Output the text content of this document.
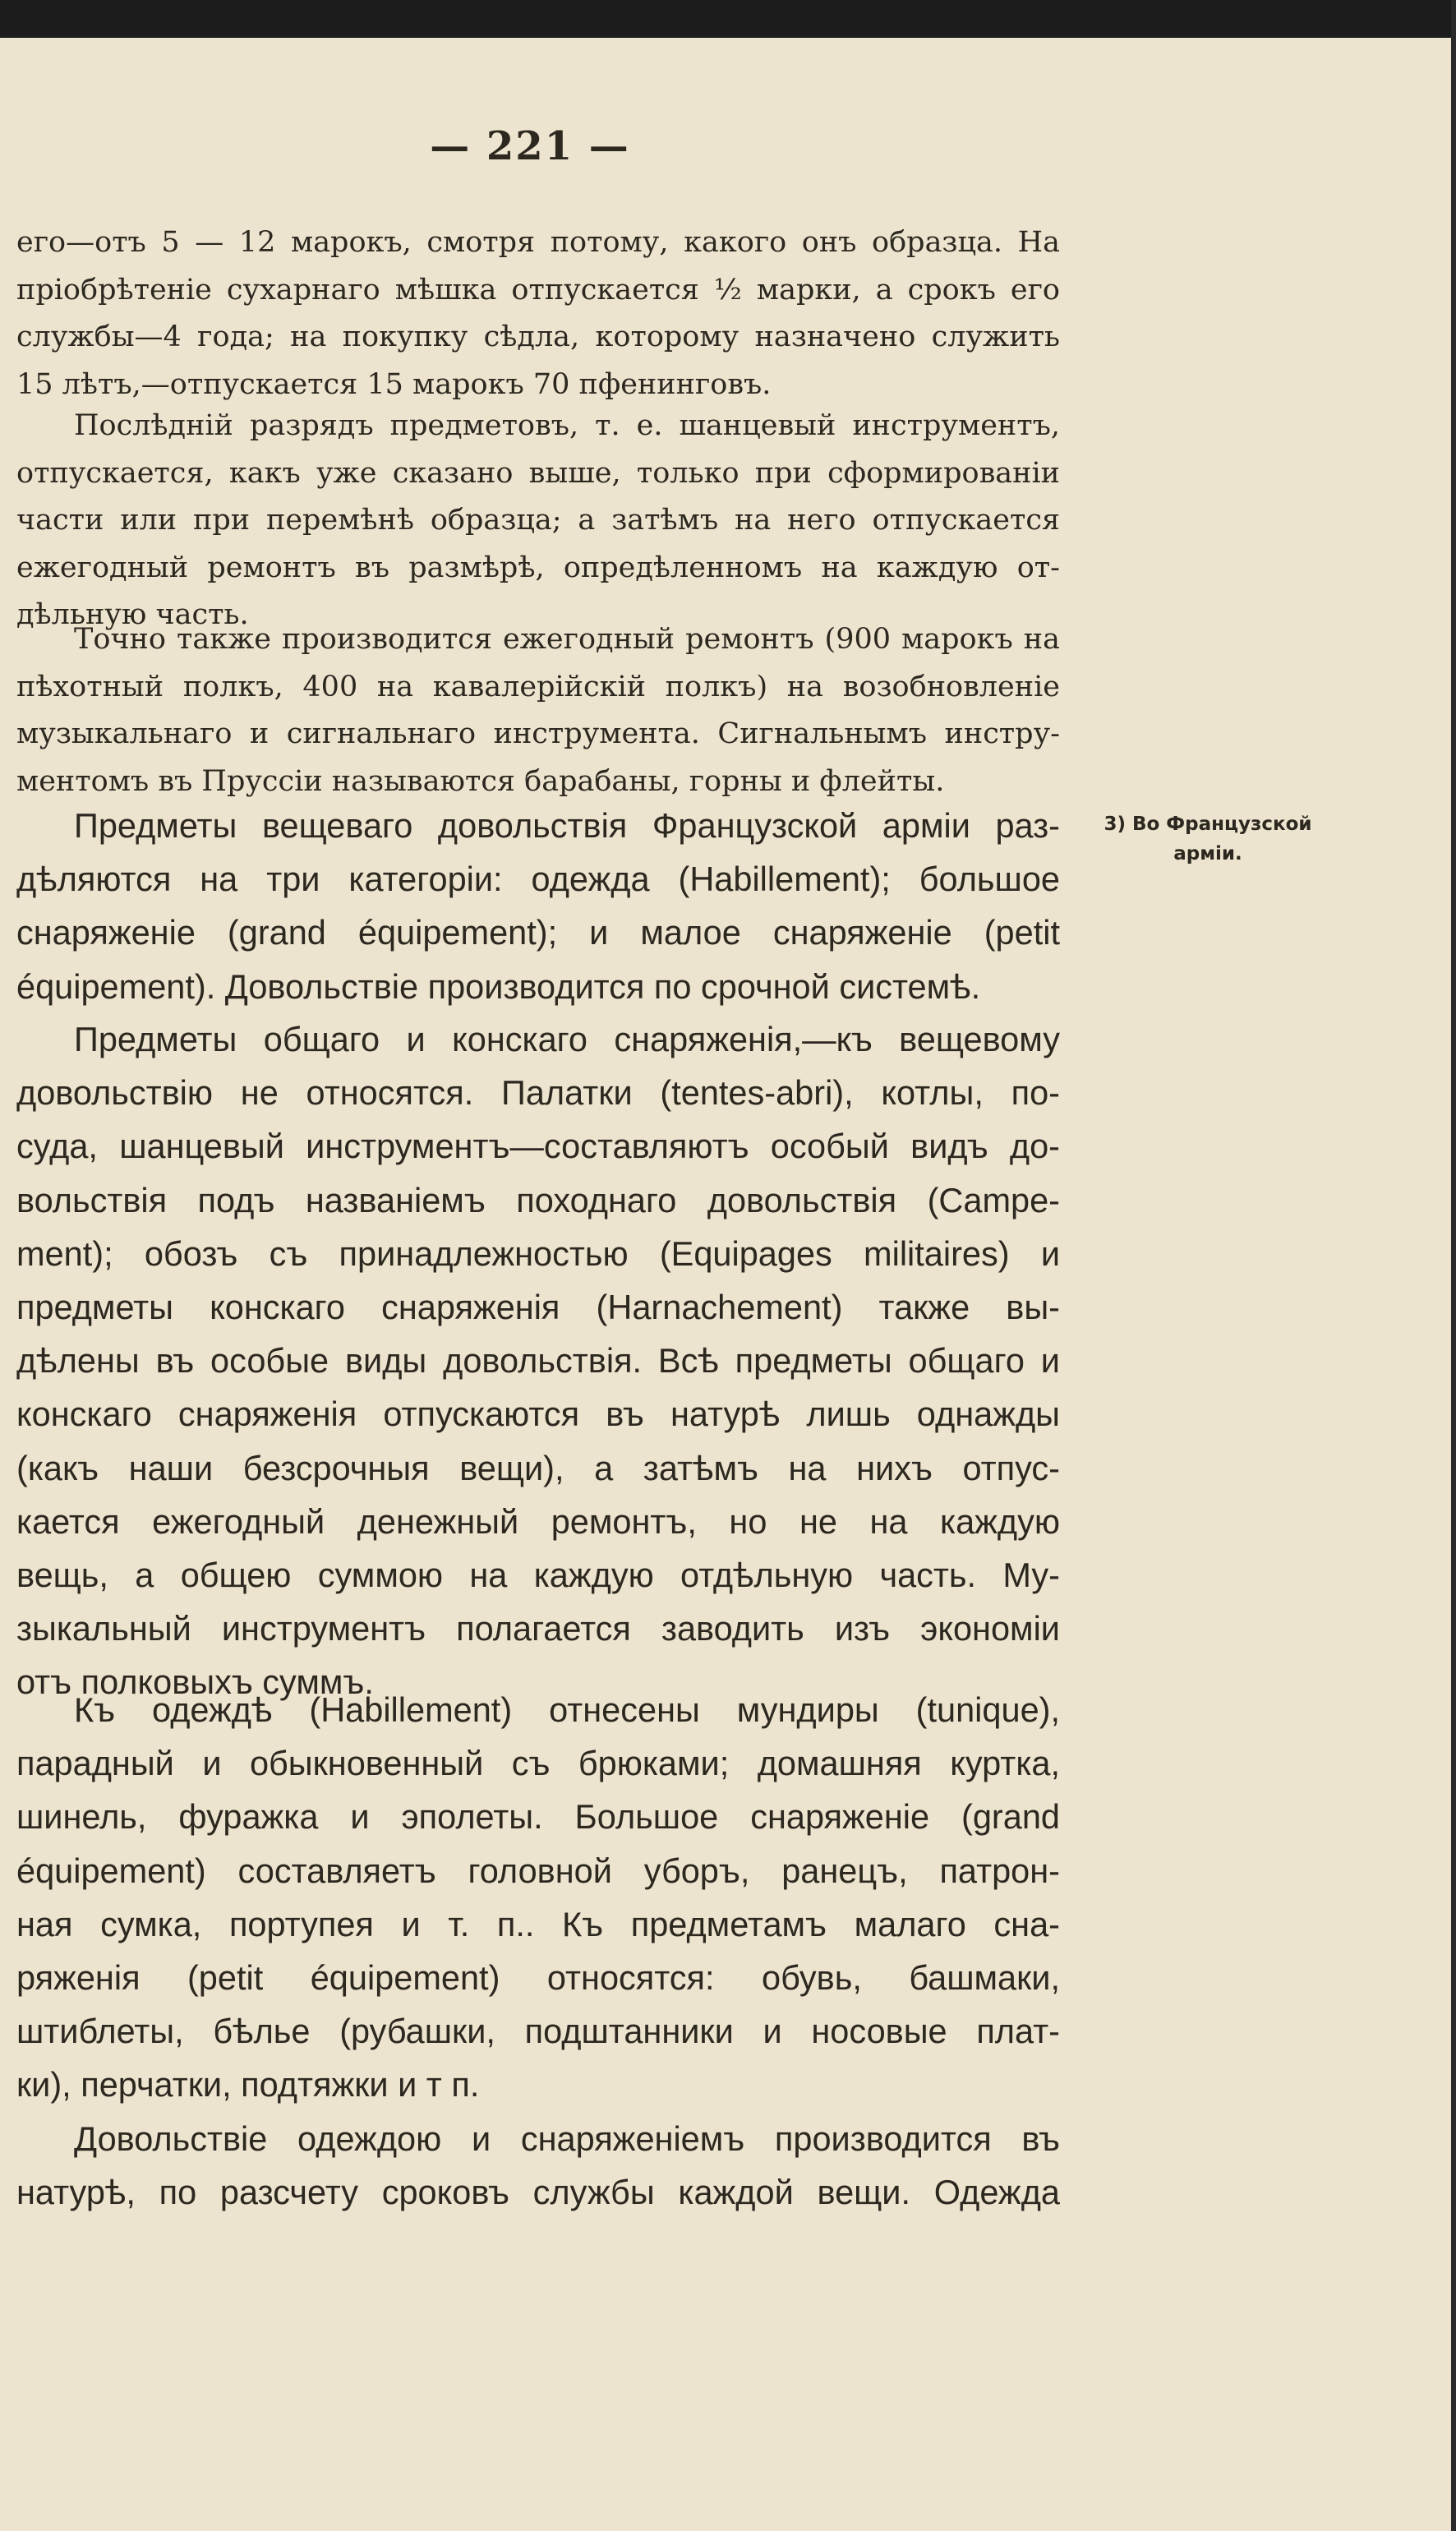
— 221 —
его—отъ 5 — 12 марокъ, смотря потому, какого онъ образца. На
пріобрѣтеніе сухарнаго мѣшка отпускается ½ марки, а срокъ его
службы—4 года; на покупку сѣдла, которому назначено служить
15 лѣтъ,—отпускается 15 марокъ 70 пфенинговъ.
Послѣдній разрядъ предметовъ, т. е. шанцевый инструментъ,
отпускается, какъ уже сказано выше, только при сформированіи
части или при перемѣнѣ образца; а затѣмъ на него отпускается
ежегодный ремонтъ въ размѣрѣ, опредѣленномъ на каждую от-
дѣльную часть.
Точно также производится ежегодный ремонтъ (900 марокъ на
пѣхотный полкъ, 400 на кавалерійскій полкъ) на возобновленіе
музыкальнаго и сигнальнаго инструмента. Сигнальнымъ инстру-
ментомъ въ Пруссіи называются барабаны, горны и флейты.
Предметы вещеваго довольствія Французской арміи раз-
дѣляются на три категоріи: одежда (Habillement); большое
снаряженіе (grand équipement); и малое снаряженіе (petit
équipement). Довольствіе производится по срочной системѣ.
3) Во Французской
арміи.
Предметы общаго и конскаго снаряженія,—къ вещевому
довольствію не относятся. Палатки (tentes-abri), котлы, по-
суда, шанцевый инструментъ—составляютъ особый видъ до-
вольствія подъ названіемъ походнаго довольствія (Campe-
ment); обозъ съ принадлежностью (Equipages militaires) и
предметы конскаго снаряженія (Harnachement) также вы-
дѣлены въ особые виды довольствія. Всѣ предметы общаго и
конскаго снаряженія отпускаются въ натурѣ лишь однажды
(какъ наши безсрочныя вещи), а затѣмъ на нихъ отпус-
кается ежегодный денежный ремонтъ, но не на каждую
вещь, а общею суммою на каждую отдѣльную часть. Му-
зыкальный инструментъ полагается заводить изъ экономіи
отъ полковыхъ суммъ.
Къ одеждѣ (Habillement) отнесены мундиры (tunique),
парадный и обыкновенный съ брюками; домашняя куртка,
шинель, фуражка и эполеты. Большое снаряженіе (grand
équipement) составляетъ головной уборъ, ранецъ, патрон-
ная сумка, портупея и т. п.. Къ предметамъ малаго сна-
ряженія (petit équipement) относятся: обувь, башмаки,
штиблеты, бѣлье (рубашки, подштанники и носовые плат-
ки), перчатки, подтяжки и т п.
Довольствіе одеждою и снаряженіемъ производится въ
натурѣ, по разсчету сроковъ службы каждой вещи. Одежда
